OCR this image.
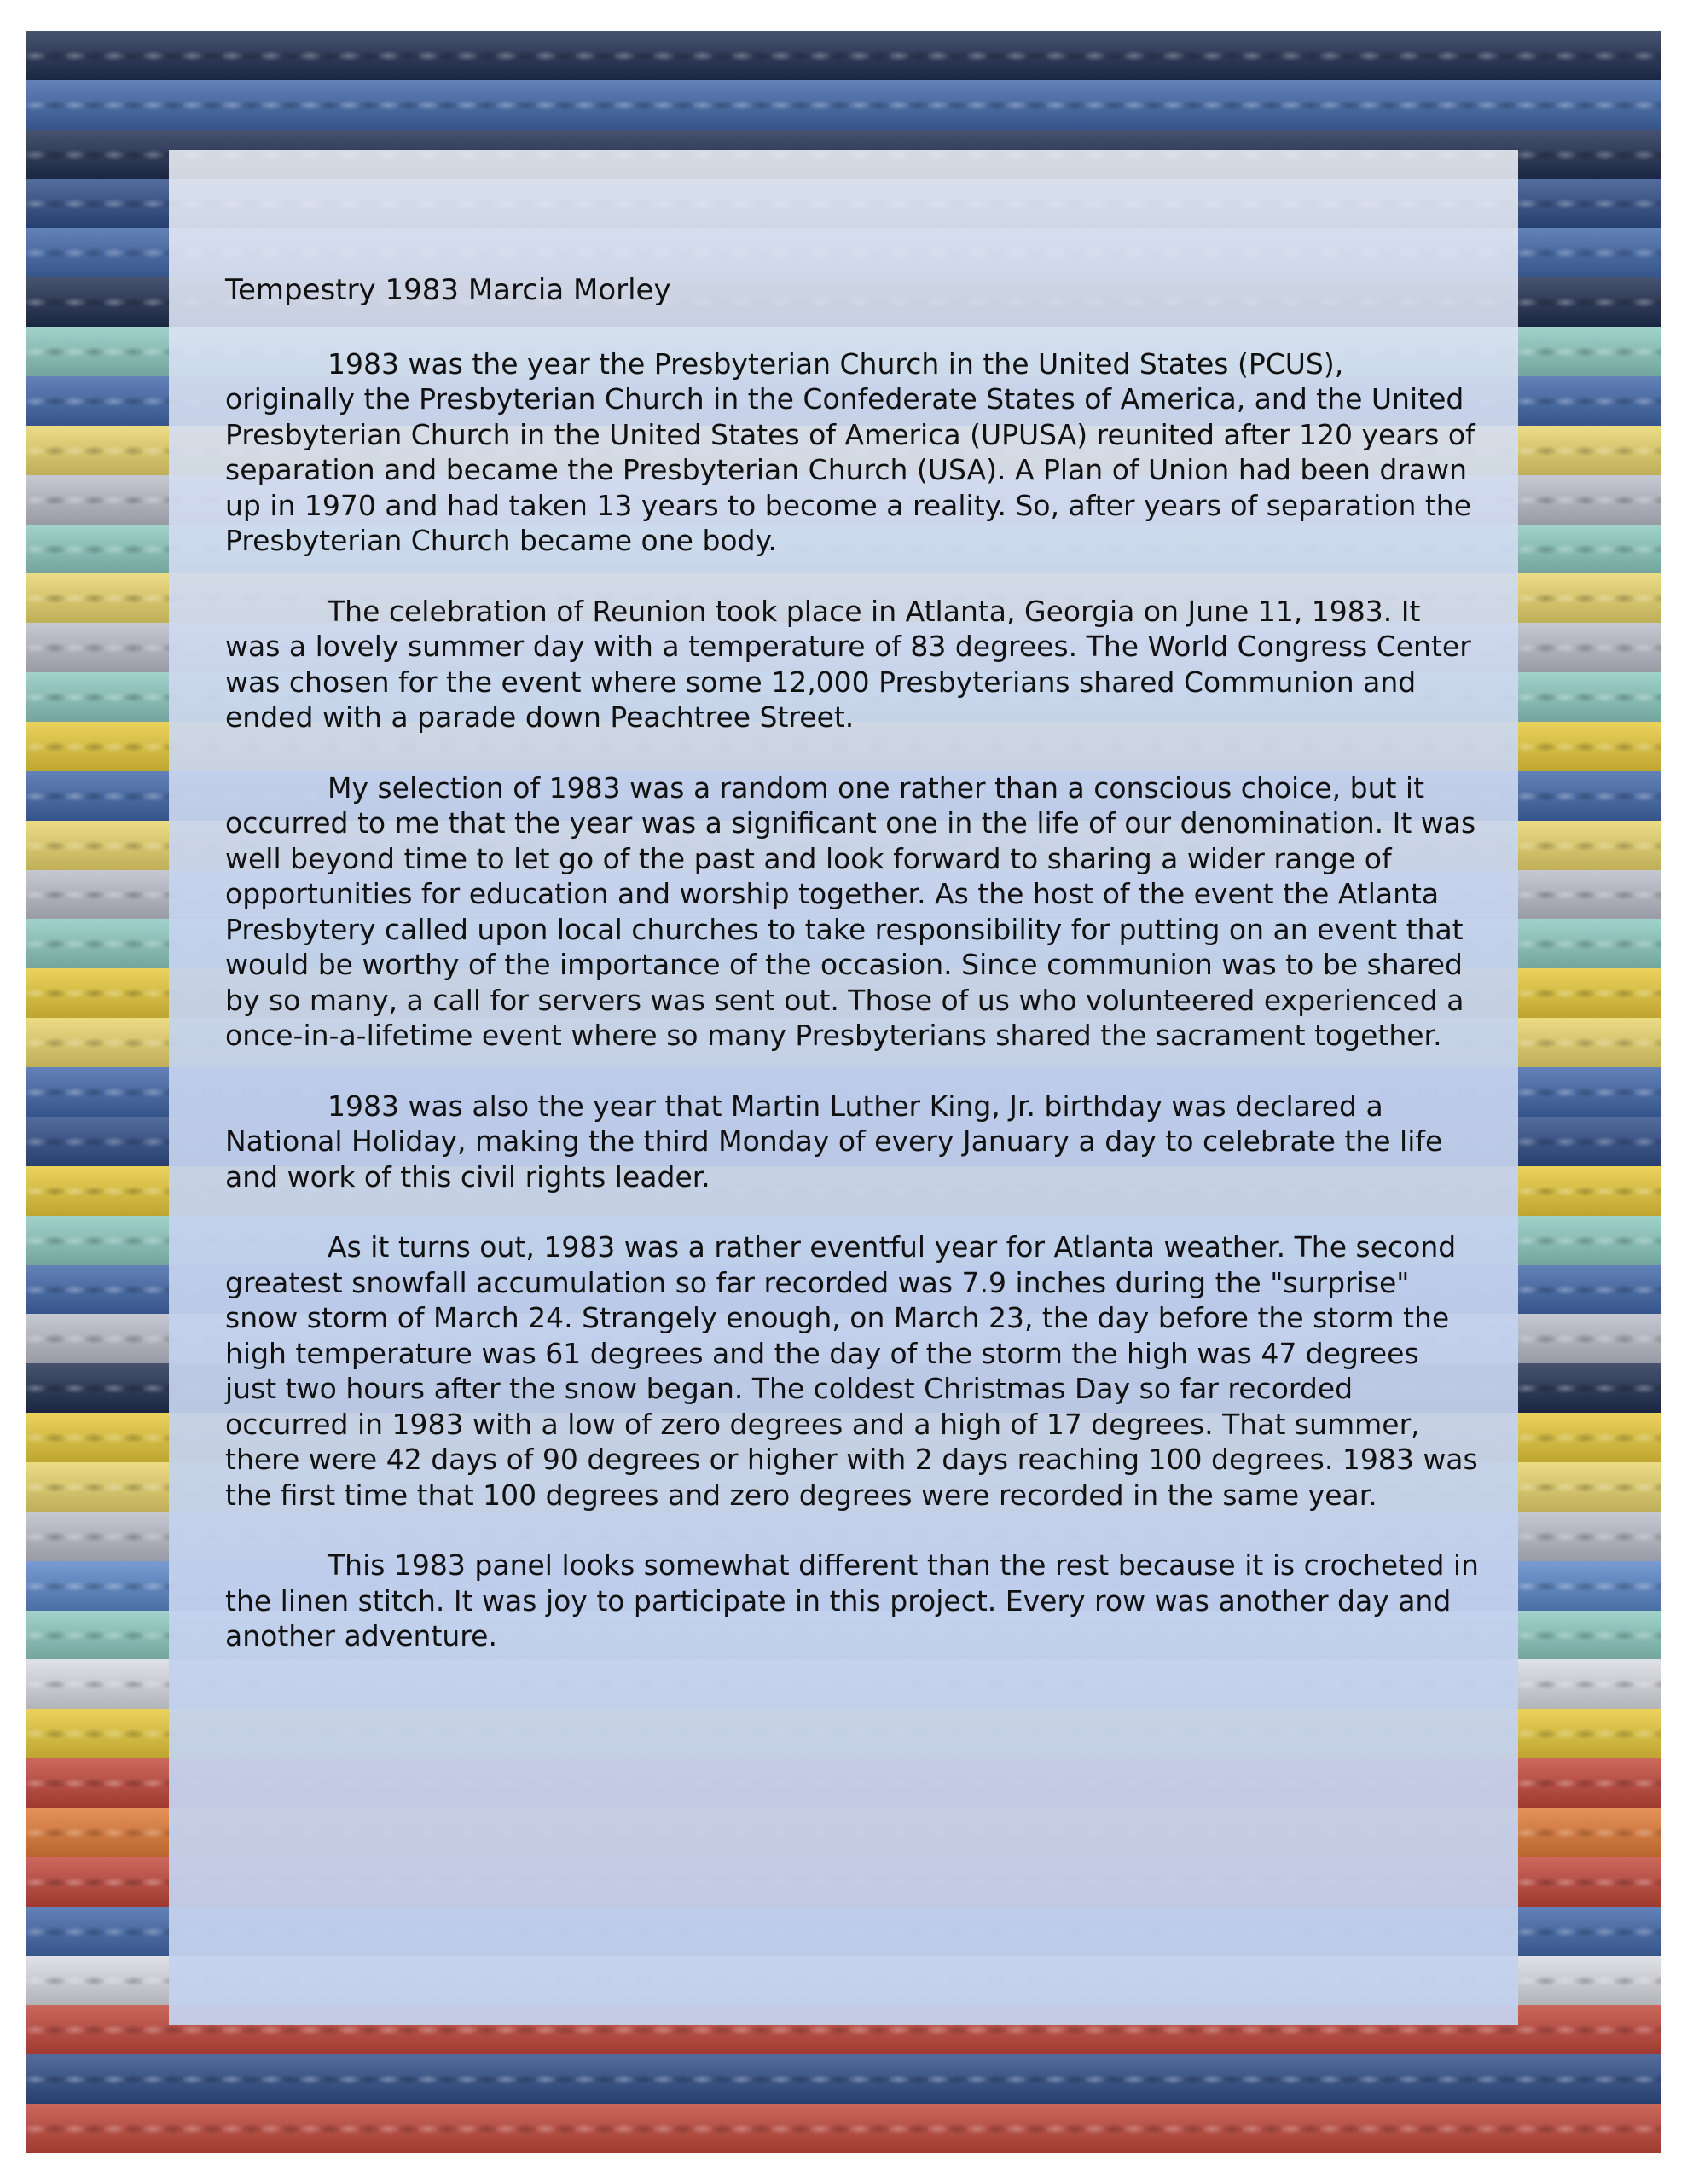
Tempestry 1983 Marcia Morley

1983 was the year the Presbyterian Church in the United States (PCUS), originally the Presbyterian Church in the Confederate States of America, and the United Presbyterian Church in the United States of America (UPUSA) reunited after 120 years of separation and became the Presbyterian Church (USA). A Plan of Union had been drawn up in 1970 and had taken 13 years to become a reality. So, after years of separation the Presbyterian Church became one body.

The celebration of Reunion took place in Atlanta, Georgia on June 11, 1983. It was a lovely summer day with a temperature of 83 degrees. The World Congress Center was chosen for the event where some 12,000 Presbyterians shared Communion and ended with a parade down Peachtree Street.

My selection of 1983 was a random one rather than a conscious choice, but it occurred to me that the year was a significant one in the life of our denomination. It was well beyond time to let go of the past and look forward to sharing a wider range of opportunities for education and worship together. As the host of the event the Atlanta Presbytery called upon local churches to take responsibility for putting on an event that would be worthy of the importance of the occasion. Since communion was to be shared by so many, a call for servers was sent out. Those of us who volunteered experienced a once-in-a-lifetime event where so many Presbyterians shared the sacrament together.

1983 was also the year that Martin Luther King, Jr. birthday was declared a National Holiday, making the third Monday of every January a day to celebrate the life and work of this civil rights leader.

As it turns out, 1983 was a rather eventful year for Atlanta weather. The second greatest snowfall accumulation so far recorded was 7.9 inches during the "surprise" snow storm of March 24. Strangely enough, on March 23, the day before the storm the high temperature was 61 degrees and the day of the storm the high was 47 degrees just two hours after the snow began. The coldest Christmas Day so far recorded occurred in 1983 with a low of zero degrees and a high of 17 degrees. That summer, there were 42 days of 90 degrees or higher with 2 days reaching 100 degrees. 1983 was the first time that 100 degrees and zero degrees were recorded in the same year.

This 1983 panel looks somewhat different than the rest because it is crocheted in the linen stitch. It was joy to participate in this project. Every row was another day and another adventure.
